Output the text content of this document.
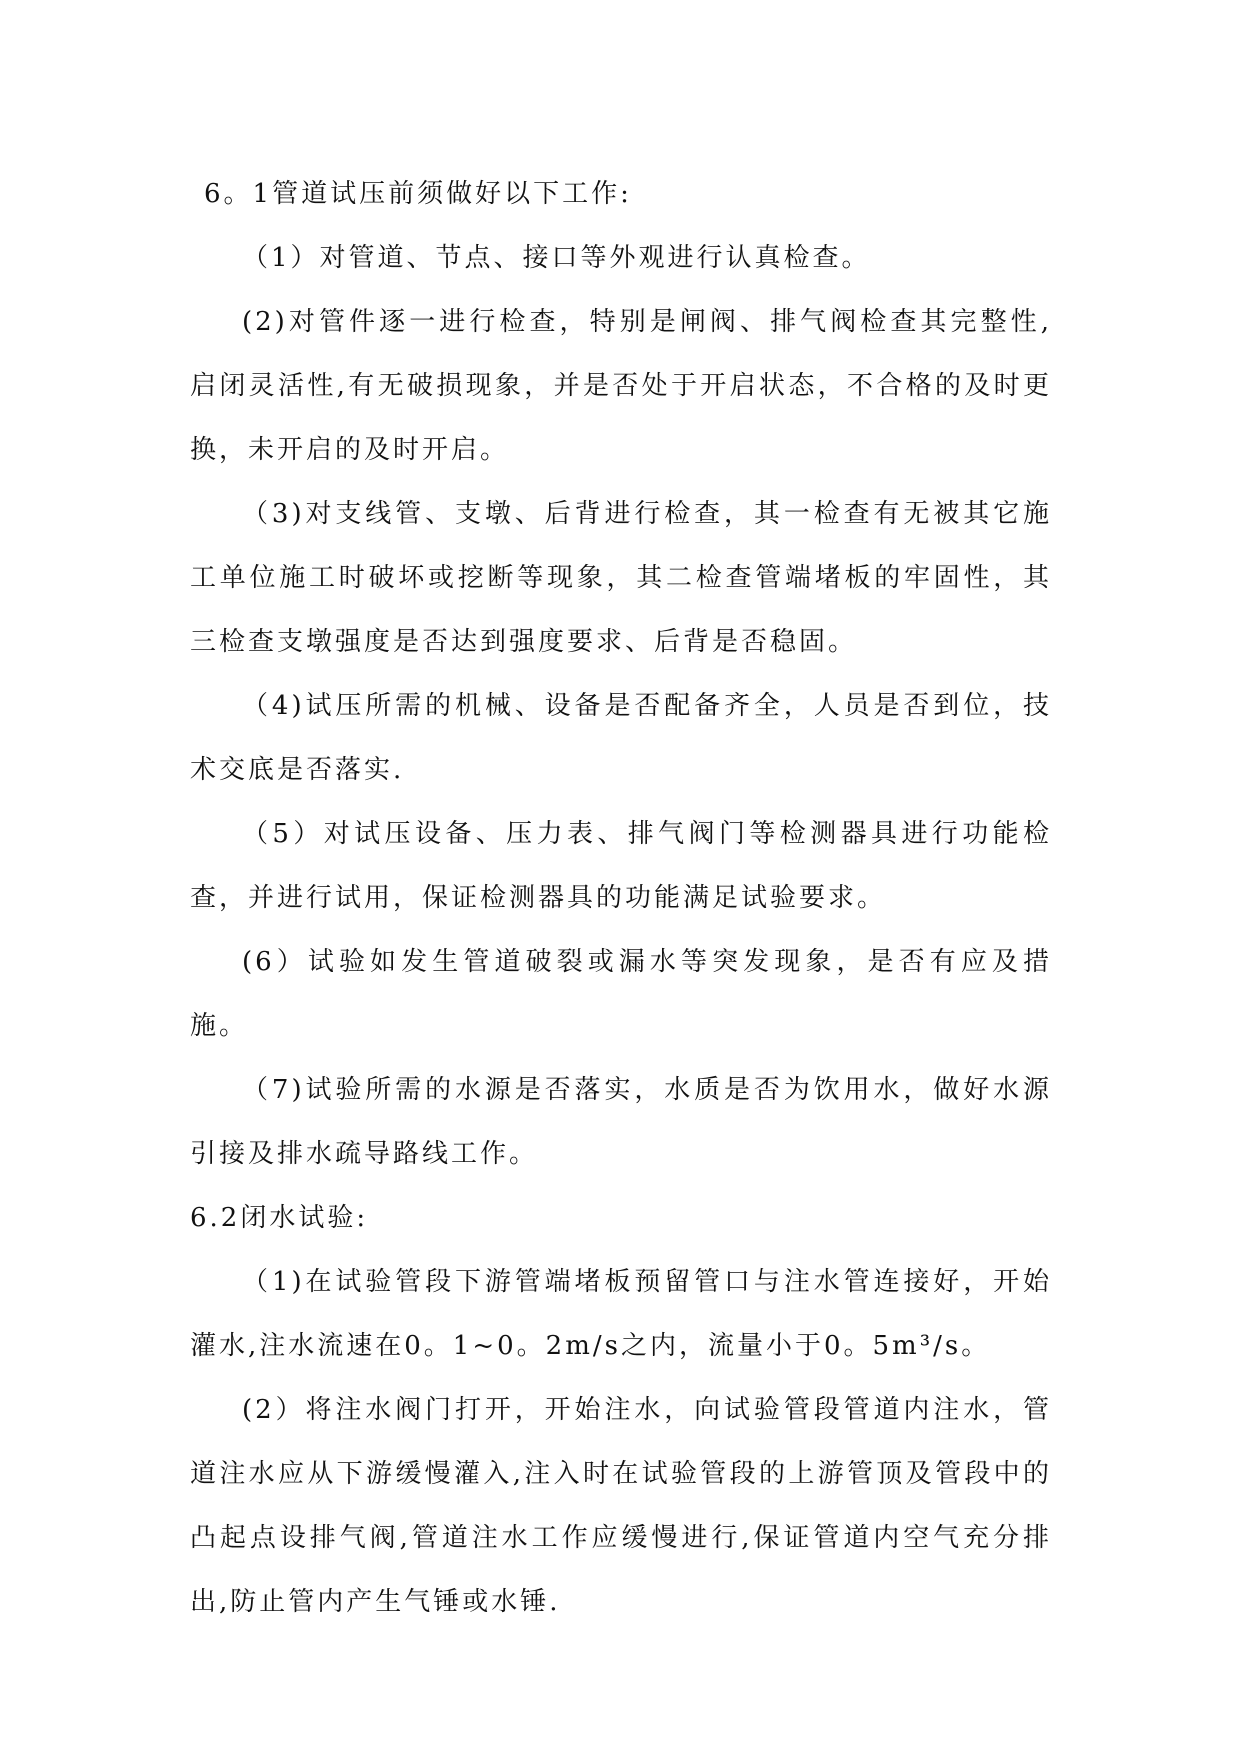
6。1管道试压前须做好以下工作:

（1）对管道、节点、接口等外观进行认真检查。

(2)对管件逐一进行检查，特别是闸阀、排气阀检查其完整性,启闭灵活性,有无破损现象，并是否处于开启状态，不合格的及时更换，未开启的及时开启。

（3)对支线管、支墩、后背进行检查，其一检查有无被其它施工单位施工时破坏或挖断等现象，其二检查管端堵板的牢固性，其三检查支墩强度是否达到强度要求、后背是否稳固。

（4)试压所需的机械、设备是否配备齐全，人员是否到位，技术交底是否落实.

（5）对试压设备、压力表、排气阀门等检测器具进行功能检查，并进行试用，保证检测器具的功能满足试验要求。

(6）试验如发生管道破裂或漏水等突发现象，是否有应及措施。

（7)试验所需的水源是否落实，水质是否为饮用水，做好水源引接及排水疏导路线工作。

6.2闭水试验:

（1)在试验管段下游管端堵板预留管口与注水管连接好，开始灌水,注水流速在0。1~0。2m/s之内，流量小于0。5m³/s。

(2）将注水阀门打开，开始注水，向试验管段管道内注水，管道注水应从下游缓慢灌入,注入时在试验管段的上游管顶及管段中的凸起点设排气阀,管道注水工作应缓慢进行,保证管道内空气充分排出,防止管内产生气锤或水锤.
